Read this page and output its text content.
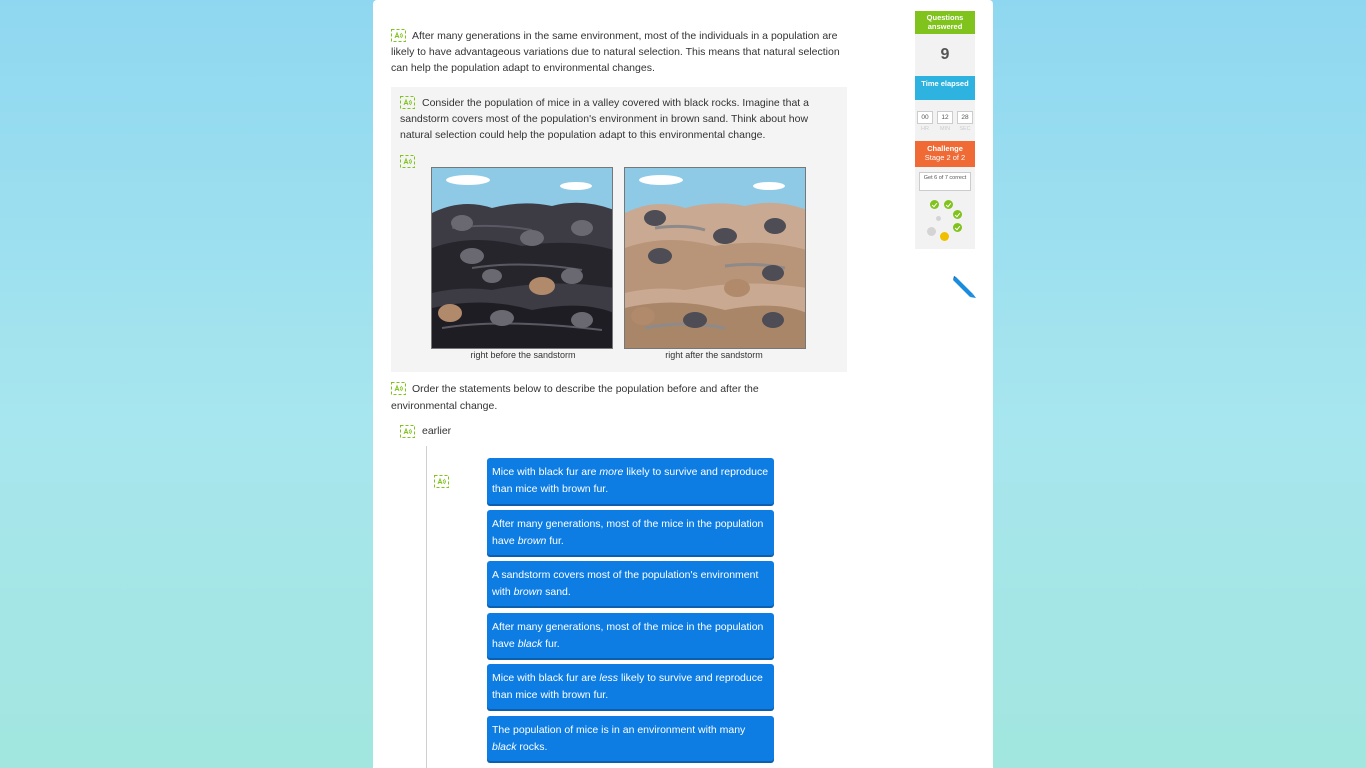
After many generations in the same environment, most of the individuals in a population are likely to have advantageous variations due to natural selection. This means that natural selection can help the population adapt to environmental changes.
Consider the population of mice in a valley covered with black rocks. Imagine that a sandstorm covers most of the population's environment in brown sand. Think about how natural selection could help the population adapt to this environmental change.
right before the sandstorm	right after the sandstorm
Order the statements below to describe the population before and after the environmental change.
earlier
Mice with black fur are more likely to survive and reproduce than mice with brown fur.
After many generations, most of the mice in the population have brown fur.
A sandstorm covers most of the population's environment with brown sand.
After many generations, most of the mice in the population have black fur.
Mice with black fur are less likely to survive and reproduce than mice with brown fur.
The population of mice is in an environment with many black rocks.
Questions answered
9
Time elapsed
00	12	28
HR	MIN	SEC
Challenge
Stage 2 of 2
Get 6 of 7 correct
